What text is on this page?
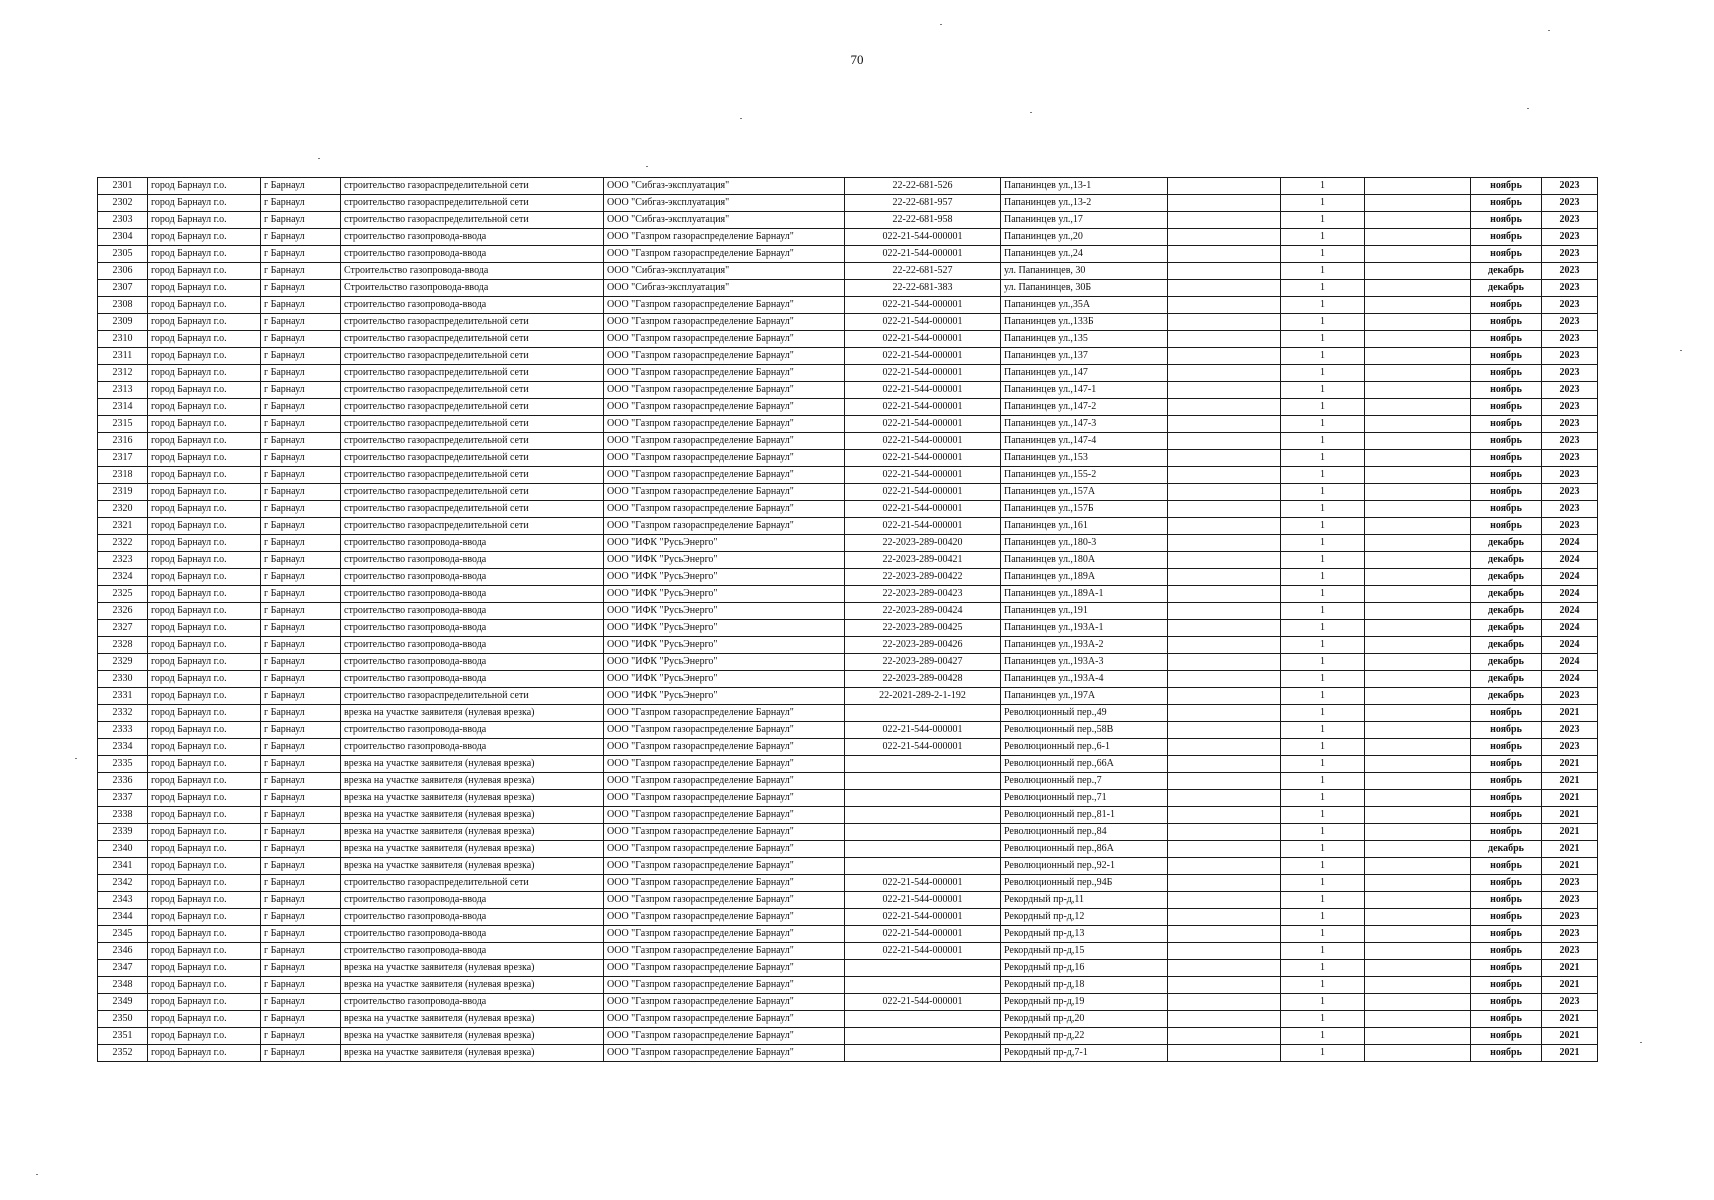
70
2301	город Барнаул г.о.	г Барнаул	строительство газораспределительной сети	ООО "Сибгаз-эксплуатация"	22-22-681-526	Папанинцев ул.,13-1		1		ноябрь	2023
2302	город Барнаул г.о.	г Барнаул	строительство газораспределительной сети	ООО "Сибгаз-эксплуатация"	22-22-681-957	Папанинцев ул.,13-2		1		ноябрь	2023
2303	город Барнаул г.о.	г Барнаул	строительство газораспределительной сети	ООО "Сибгаз-эксплуатация"	22-22-681-958	Папанинцев ул.,17		1		ноябрь	2023
2304	город Барнаул г.о.	г Барнаул	строительство газопровода-ввода	ООО "Газпром газораспределение Барнаул"	022-21-544-000001	Папанинцев ул.,20		1		ноябрь	2023
2305	город Барнаул г.о.	г Барнаул	строительство газопровода-ввода	ООО "Газпром газораспределение Барнаул"	022-21-544-000001	Папанинцев ул.,24		1		ноябрь	2023
2306	город Барнаул г.о.	г Барнаул	Строительство газопровода-ввода	ООО "Сибгаз-эксплуатация"	22-22-681-527	ул. Папанинцев, 30		1		декабрь	2023
2307	город Барнаул г.о.	г Барнаул	Строительство газопровода-ввода	ООО "Сибгаз-эксплуатация"	22-22-681-383	ул. Папанинцев, 30Б		1		декабрь	2023
2308	город Барнаул г.о.	г Барнаул	строительство газопровода-ввода	ООО "Газпром газораспределение Барнаул"	022-21-544-000001	Папанинцев ул.,35А		1		ноябрь	2023
2309	город Барнаул г.о.	г Барнаул	строительство газораспределительной сети	ООО "Газпром газораспределение Барнаул"	022-21-544-000001	Папанинцев ул.,133Б		1		ноябрь	2023
2310	город Барнаул г.о.	г Барнаул	строительство газораспределительной сети	ООО "Газпром газораспределение Барнаул"	022-21-544-000001	Папанинцев ул.,135		1		ноябрь	2023
2311	город Барнаул г.о.	г Барнаул	строительство газораспределительной сети	ООО "Газпром газораспределение Барнаул"	022-21-544-000001	Папанинцев ул.,137		1		ноябрь	2023
2312	город Барнаул г.о.	г Барнаул	строительство газораспределительной сети	ООО "Газпром газораспределение Барнаул"	022-21-544-000001	Папанинцев ул.,147		1		ноябрь	2023
2313	город Барнаул г.о.	г Барнаул	строительство газораспределительной сети	ООО "Газпром газораспределение Барнаул"	022-21-544-000001	Папанинцев ул.,147-1		1		ноябрь	2023
2314	город Барнаул г.о.	г Барнаул	строительство газораспределительной сети	ООО "Газпром газораспределение Барнаул"	022-21-544-000001	Папанинцев ул.,147-2		1		ноябрь	2023
2315	город Барнаул г.о.	г Барнаул	строительство газораспределительной сети	ООО "Газпром газораспределение Барнаул"	022-21-544-000001	Папанинцев ул.,147-3		1		ноябрь	2023
2316	город Барнаул г.о.	г Барнаул	строительство газораспределительной сети	ООО "Газпром газораспределение Барнаул"	022-21-544-000001	Папанинцев ул.,147-4		1		ноябрь	2023
2317	город Барнаул г.о.	г Барнаул	строительство газораспределительной сети	ООО "Газпром газораспределение Барнаул"	022-21-544-000001	Папанинцев ул.,153		1		ноябрь	2023
2318	город Барнаул г.о.	г Барнаул	строительство газораспределительной сети	ООО "Газпром газораспределение Барнаул"	022-21-544-000001	Папанинцев ул.,155-2		1		ноябрь	2023
2319	город Барнаул г.о.	г Барнаул	строительство газораспределительной сети	ООО "Газпром газораспределение Барнаул"	022-21-544-000001	Папанинцев ул.,157А		1		ноябрь	2023
2320	город Барнаул г.о.	г Барнаул	строительство газораспределительной сети	ООО "Газпром газораспределение Барнаул"	022-21-544-000001	Папанинцев ул.,157Б		1		ноябрь	2023
2321	город Барнаул г.о.	г Барнаул	строительство газораспределительной сети	ООО "Газпром газораспределение Барнаул"	022-21-544-000001	Папанинцев ул.,161		1		ноябрь	2023
2322	город Барнаул г.о.	г Барнаул	строительство газопровода-ввода	ООО "ИФК "РусьЭнерго"	22-2023-289-00420	Папанинцев ул.,180-3		1		декабрь	2024
2323	город Барнаул г.о.	г Барнаул	строительство газопровода-ввода	ООО "ИФК "РусьЭнерго"	22-2023-289-00421	Папанинцев ул.,180А		1		декабрь	2024
2324	город Барнаул г.о.	г Барнаул	строительство газопровода-ввода	ООО "ИФК "РусьЭнерго"	22-2023-289-00422	Папанинцев ул.,189А		1		декабрь	2024
2325	город Барнаул г.о.	г Барнаул	строительство газопровода-ввода	ООО "ИФК "РусьЭнерго"	22-2023-289-00423	Папанинцев ул.,189А-1		1		декабрь	2024
2326	город Барнаул г.о.	г Барнаул	строительство газопровода-ввода	ООО "ИФК "РусьЭнерго"	22-2023-289-00424	Папанинцев ул.,191		1		декабрь	2024
2327	город Барнаул г.о.	г Барнаул	строительство газопровода-ввода	ООО "ИФК "РусьЭнерго"	22-2023-289-00425	Папанинцев ул.,193А-1		1		декабрь	2024
2328	город Барнаул г.о.	г Барнаул	строительство газопровода-ввода	ООО "ИФК "РусьЭнерго"	22-2023-289-00426	Папанинцев ул.,193А-2		1		декабрь	2024
2329	город Барнаул г.о.	г Барнаул	строительство газопровода-ввода	ООО "ИФК "РусьЭнерго"	22-2023-289-00427	Папанинцев ул.,193А-3		1		декабрь	2024
2330	город Барнаул г.о.	г Барнаул	строительство газопровода-ввода	ООО "ИФК "РусьЭнерго"	22-2023-289-00428	Папанинцев ул.,193А-4		1		декабрь	2024
2331	город Барнаул г.о.	г Барнаул	строительство газораспределительной сети	ООО "ИФК "РусьЭнерго"	22-2021-289-2-1-192	Папанинцев ул.,197А		1		декабрь	2023
2332	город Барнаул г.о.	г Барнаул	врезка на участке заявителя (нулевая врезка)	ООО "Газпром газораспределение Барнаул"		Революционный пер.,49		1		ноябрь	2021
2333	город Барнаул г.о.	г Барнаул	строительство газопровода-ввода	ООО "Газпром газораспределение Барнаул"	022-21-544-000001	Революционный пер.,58В		1		ноябрь	2023
2334	город Барнаул г.о.	г Барнаул	строительство газопровода-ввода	ООО "Газпром газораспределение Барнаул"	022-21-544-000001	Революционный пер.,6-1		1		ноябрь	2023
2335	город Барнаул г.о.	г Барнаул	врезка на участке заявителя (нулевая врезка)	ООО "Газпром газораспределение Барнаул"		Революционный пер.,66А		1		ноябрь	2021
2336	город Барнаул г.о.	г Барнаул	врезка на участке заявителя (нулевая врезка)	ООО "Газпром газораспределение Барнаул"		Революционный пер.,7		1		ноябрь	2021
2337	город Барнаул г.о.	г Барнаул	врезка на участке заявителя (нулевая врезка)	ООО "Газпром газораспределение Барнаул"		Революционный пер.,71		1		ноябрь	2021
2338	город Барнаул г.о.	г Барнаул	врезка на участке заявителя (нулевая врезка)	ООО "Газпром газораспределение Барнаул"		Революционный пер.,81-1		1		ноябрь	2021
2339	город Барнаул г.о.	г Барнаул	врезка на участке заявителя (нулевая врезка)	ООО "Газпром газораспределение Барнаул"		Революционный пер.,84		1		ноябрь	2021
2340	город Барнаул г.о.	г Барнаул	врезка на участке заявителя (нулевая врезка)	ООО "Газпром газораспределение Барнаул"		Революционный пер.,86А		1		декабрь	2021
2341	город Барнаул г.о.	г Барнаул	врезка на участке заявителя (нулевая врезка)	ООО "Газпром газораспределение Барнаул"		Революционный пер.,92-1		1		ноябрь	2021
2342	город Барнаул г.о.	г Барнаул	строительство газораспределительной сети	ООО "Газпром газораспределение Барнаул"	022-21-544-000001	Революционный пер.,94Б		1		ноябрь	2023
2343	город Барнаул г.о.	г Барнаул	строительство газопровода-ввода	ООО "Газпром газораспределение Барнаул"	022-21-544-000001	Рекордный пр-д,11		1		ноябрь	2023
2344	город Барнаул г.о.	г Барнаул	строительство газопровода-ввода	ООО "Газпром газораспределение Барнаул"	022-21-544-000001	Рекордный пр-д,12		1		ноябрь	2023
2345	город Барнаул г.о.	г Барнаул	строительство газопровода-ввода	ООО "Газпром газораспределение Барнаул"	022-21-544-000001	Рекордный пр-д,13		1		ноябрь	2023
2346	город Барнаул г.о.	г Барнаул	строительство газопровода-ввода	ООО "Газпром газораспределение Барнаул"	022-21-544-000001	Рекордный пр-д,15		1		ноябрь	2023
2347	город Барнаул г.о.	г Барнаул	врезка на участке заявителя (нулевая врезка)	ООО "Газпром газораспределение Барнаул"		Рекордный пр-д,16		1		ноябрь	2021
2348	город Барнаул г.о.	г Барнаул	врезка на участке заявителя (нулевая врезка)	ООО "Газпром газораспределение Барнаул"		Рекордный пр-д,18		1		ноябрь	2021
2349	город Барнаул г.о.	г Барнаул	строительство газопровода-ввода	ООО "Газпром газораспределение Барнаул"	022-21-544-000001	Рекордный пр-д,19		1		ноябрь	2023
2350	город Барнаул г.о.	г Барнаул	врезка на участке заявителя (нулевая врезка)	ООО "Газпром газораспределение Барнаул"		Рекордный пр-д,20		1		ноябрь	2021
2351	город Барнаул г.о.	г Барнаул	врезка на участке заявителя (нулевая врезка)	ООО "Газпром газораспределение Барнаул"		Рекордный пр-д,22		1		ноябрь	2021
2352	город Барнаул г.о.	г Барнаул	врезка на участке заявителя (нулевая врезка)	ООО "Газпром газораспределение Барнаул"		Рекордный пр-д,7-1		1		ноябрь	2021
